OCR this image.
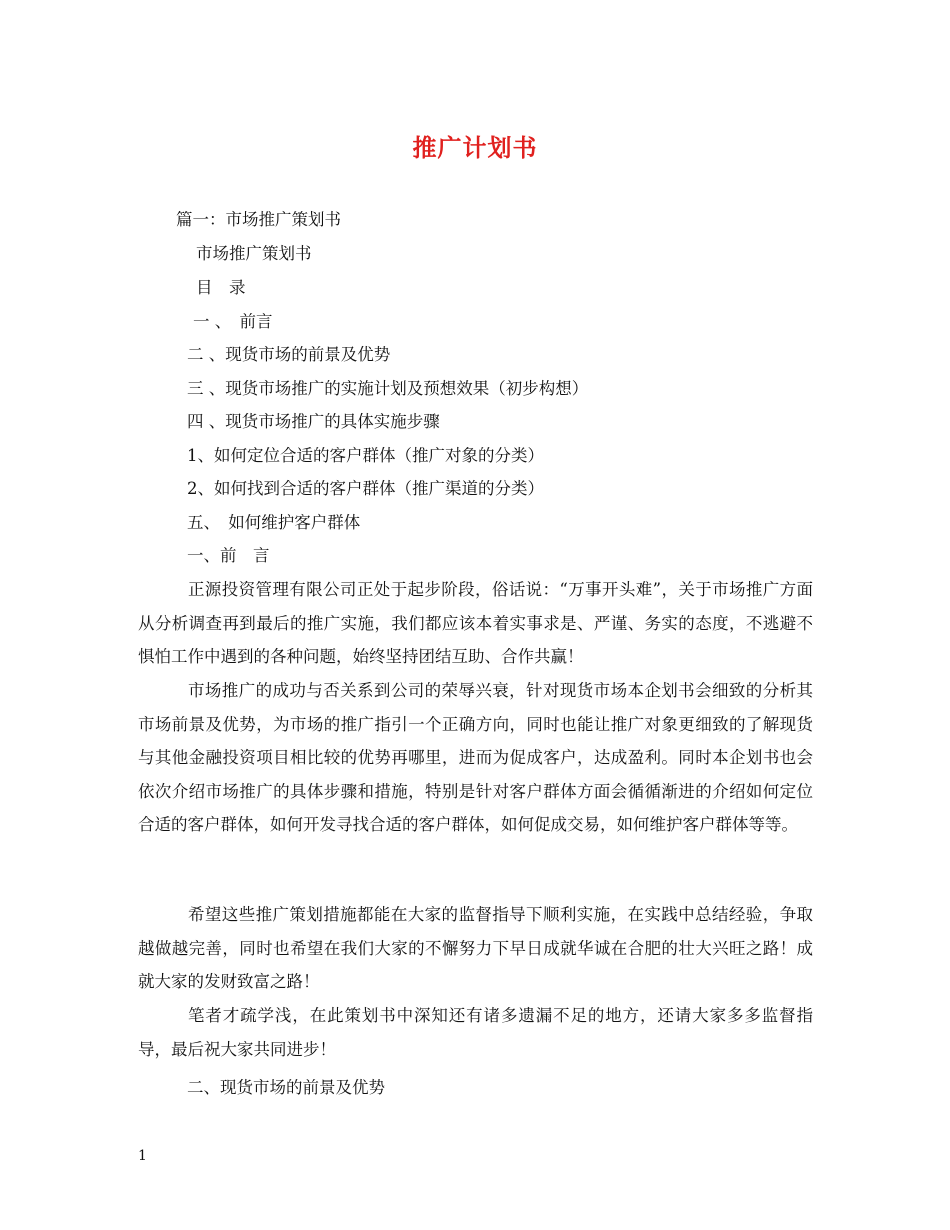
推广计划书

篇一：市场推广策划书

市场推广策划书

目　录

一 、　前言

二 、现货市场的前景及优势

三 、现货市场推广的实施计划及预想效果（初步构想）

四 、现货市场推广的具体实施步骤

1、如何定位合适的客户群体（推广对象的分类）

2、如何找到合适的客户群体（推广渠道的分类）

五、　如何维护客户群体

一、前　言

正源投资管理有限公司正处于起步阶段，俗话说：“万事开头难”，关于市场推广方面从分析调查再到最后的推广实施，我们都应该本着实事求是、严谨、务实的态度，不逃避不惧怕工作中遇到的各种问题，始终坚持团结互助、合作共赢！

市场推广的成功与否关系到公司的荣辱兴衰，针对现货市场本企划书会细致的分析其市场前景及优势，为市场的推广指引一个正确方向，同时也能让推广对象更细致的了解现货与其他金融投资项目相比较的优势再哪里，进而为促成客户，达成盈利。同时本企划书也会依次介绍市场推广的具体步骤和措施，特别是针对客户群体方面会循循渐进的介绍如何定位合适的客户群体，如何开发寻找合适的客户群体，如何促成交易，如何维护客户群体等等。

希望这些推广策划措施都能在大家的监督指导下顺利实施，在实践中总结经验，争取越做越完善，同时也希望在我们大家的不懈努力下早日成就华诚在合肥的壮大兴旺之路！成就大家的发财致富之路！

笔者才疏学浅，在此策划书中深知还有诸多遗漏不足的地方，还请大家多多监督指导，最后祝大家共同进步！

二、现货市场的前景及优势

1
